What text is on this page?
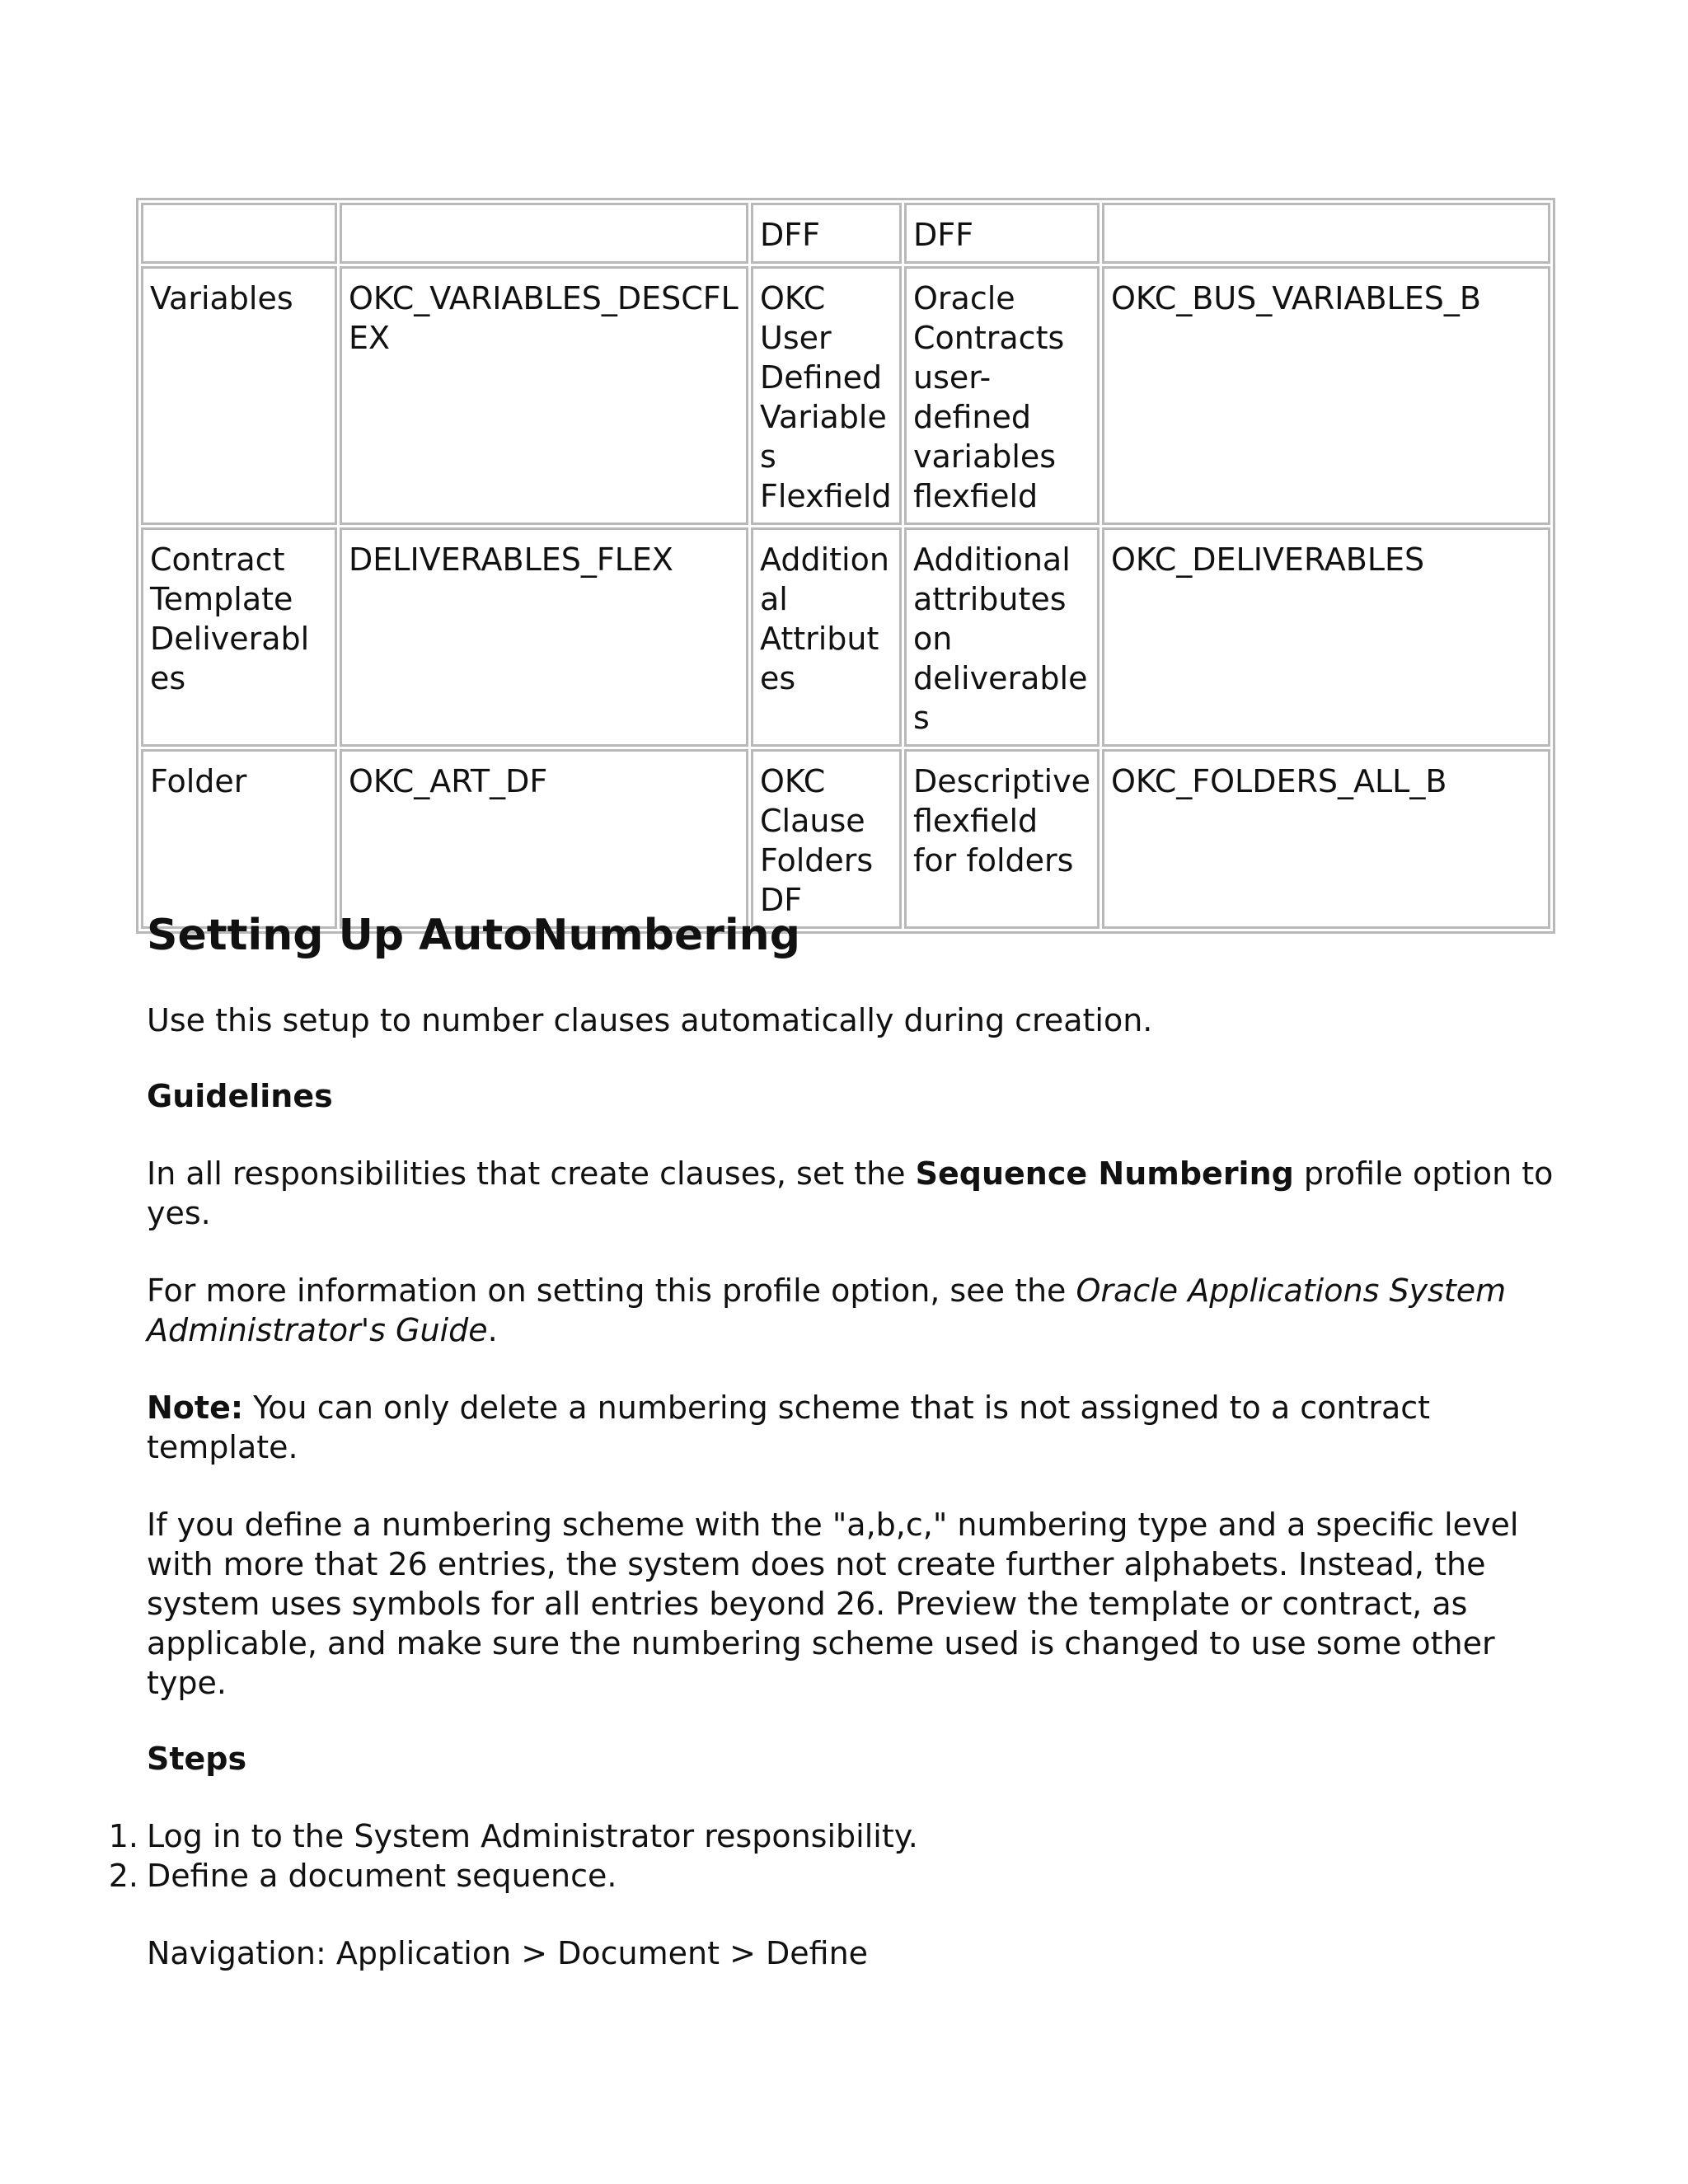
		DFF	DFF	
Variables	OKC_VARIABLES_DESCFLEX	OKC User Defined Variables Flexfield	Oracle Contracts user-defined variables flexfield	OKC_BUS_VARIABLES_B
Contract Template Deliverables	DELIVERABLES_FLEX	Additional Attributes	Additional attributes on deliverables	OKC_DELIVERABLES
Folder	OKC_ART_DF	OKC Clause Folders DF	Descriptive flexfield for folders	OKC_FOLDERS_ALL_B
Setting Up AutoNumbering

Use this setup to number clauses automatically during creation.

Guidelines

In all responsibilities that create clauses, set the Sequence Numbering profile option to yes.

For more information on setting this profile option, see the Oracle Applications System Administrator's Guide.

Note: You can only delete a numbering scheme that is not assigned to a contract template.

If you define a numbering scheme with the "a,b,c," numbering type and a specific level with more that 26 entries, the system does not create further alphabets. Instead, the system uses symbols for all entries beyond 26. Preview the template or contract, as applicable, and make sure the numbering scheme used is changed to use some other type.

Steps

1. Log in to the System Administrator responsibility.
2. Define a document sequence.

Navigation: Application > Document > Define
